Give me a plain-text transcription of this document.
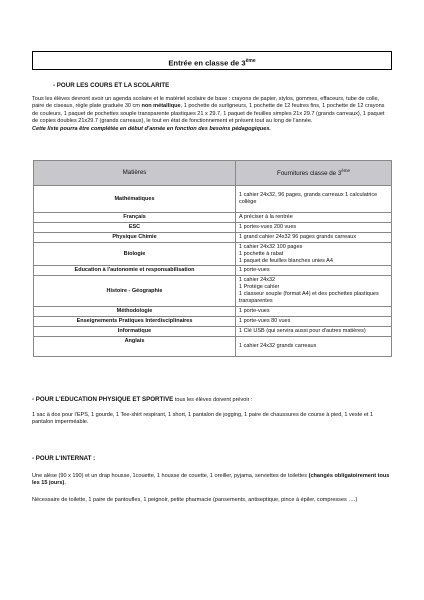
Entrée en classe de 3ème
- POUR LES COURS ET LA SCOLARITE
Tous les élèves devront avoir un agenda scolaire et le matériel scolaire de base : crayons de papier, stylos, gommes, effaceurs, tube de colle, paire de ciseaux, règle plate graduée 30 cm non métallique, 1 pochette de surligneurs, 1 pochette de 12 feutres fins, 1 pochette de 12 crayons de couleurs, 1 paquet de pochettes souple transparente plastiques 21 x 29.7, 1 paquet de feuilles simples 21x 29.7 (grands carreaux), 1 paquet de copies doubles 21x29.7 (grands carreaux), le tout en état de fonctionnement et présent tout au long de l'année.
Cette liste pourra être complétée en début d'année en fonction des besoins pédagogiques.
Matières	Fournitures classe de 3ème
Mathématiques	1 cahier 24x32, 96 pages, grands carreaux 1 calculatrice collège

Français	A préciser à la rentrée

ESC	1 portes-vues 200 vues

Physique Chimie	1 grand cahier 24x32 96 pages grands carreaux

Biologie	1 cahier 24x32 100 pages
1 pochette à rabat
1 paquet de feuilles blanches unies A4

Education à l'autonomie et responsabilisation	1 porte-vues

Histoire - Géographie	1 cahier 24x32
1 Protège cahier
1 classeur souple (format A4) et des pochettes plastiques transparentes

Méthodologie	1 porte-vues

Enseignements Pratiques Interdisciplinaires	1 porte-vues 80 vues

Informatique	1 Clé USB (qui servira aussi pour d'autres matières)

Anglais	1 cahier 24x32 grands carreaux
- POUR L'EDUCATION PHYSIQUE ET SPORTIVE tous les élèves doivent prévoir :
1 sac à dos pour l'EPS, 1 gourde, 1 Tee-shirt respirant, 1 short, 1 pantalon de jogging, 1 paire de chaussures de course à pied, 1 veste et 1 pantalon imperméable.
- POUR L'INTERNAT :
Une alèse (90 x 190) et un drap housse, 1couette, 1 housse de couette, 1 oreiller, pyjama, serviettes de toilettes (changés obligatoirement tous les 15 jours).
Nécessaire de toilette, 1 paire de pantoufles, 1 peignoir, petite pharmacie (pansements, antiseptique, pince à épiler, compresses ….)
